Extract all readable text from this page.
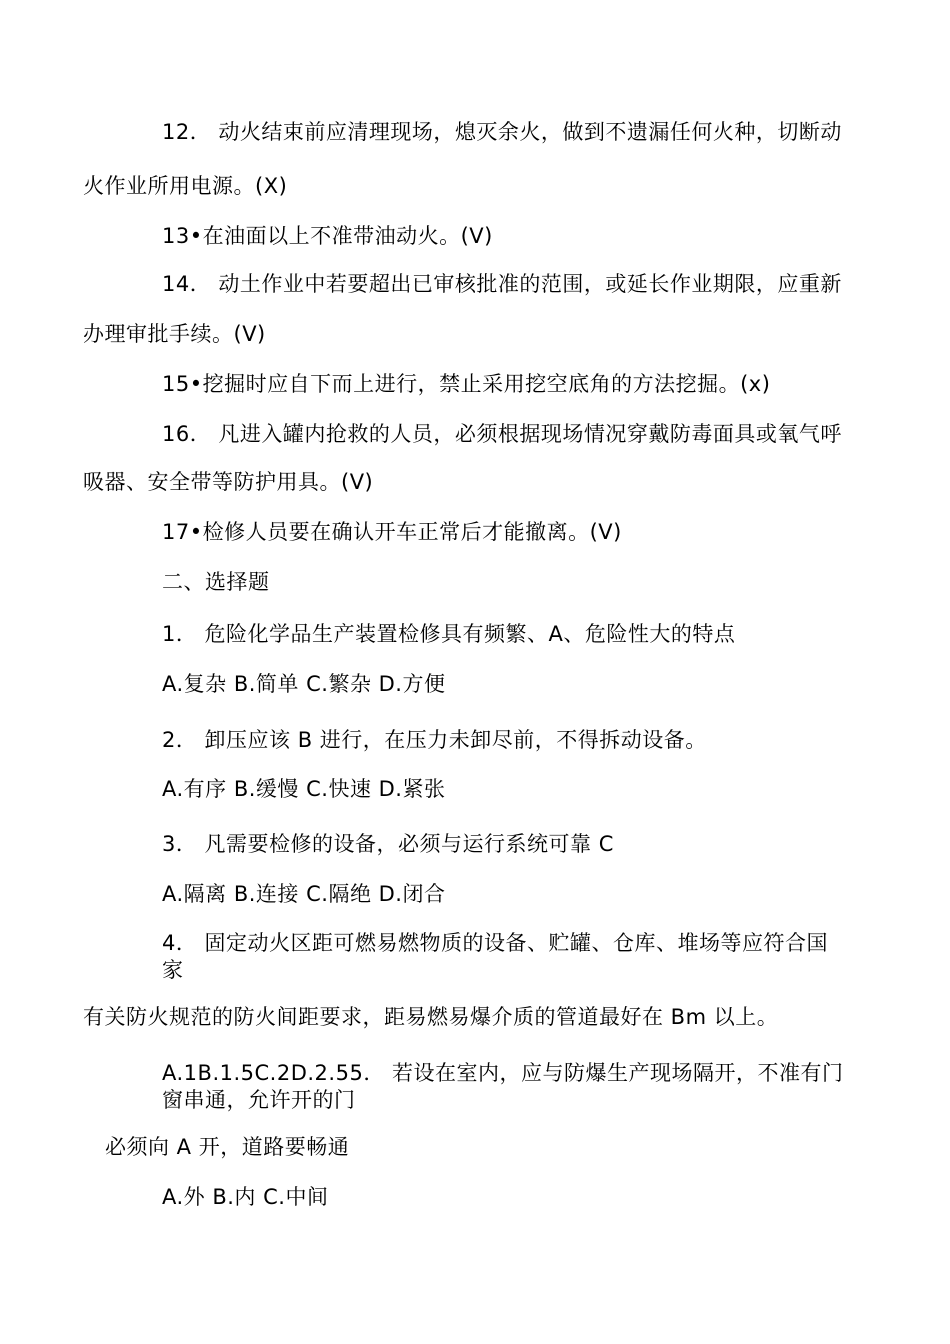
12． 动火结束前应清理现场，熄灭余火，做到不遗漏任何火种，切断动
火作业所用电源。(X)
13•在油面以上不准带油动火。(V)
14． 动土作业中若要超出已审核批准的范围，或延长作业期限，应重新
办理审批手续。(V)
15•挖掘时应自下而上进行，禁止采用挖空底角的方法挖掘。(x)
16． 凡进入罐内抢救的人员，必须根据现场情况穿戴防毒面具或氧气呼
吸器、安全带等防护用具。(V)
17•检修人员要在确认开车正常后才能撤离。(V)
二、选择题
1． 危险化学品生产装置检修具有频繁、A、危险性大的特点
A.复杂 B.简单 C.繁杂 D.方便
2． 卸压应该 B 进行，在压力未卸尽前，不得拆动设备。
A.有序 B.缓慢 C.快速 D.紧张
3． 凡需要检修的设备，必须与运行系统可靠 C
A.隔离 B.连接 C.隔绝 D.闭合
4． 固定动火区距可燃易燃物质的设备、贮罐、仓库、堆场等应符合国
家
有关防火规范的防火间距要求，距易燃易爆介质的管道最好在 Bm 以上。
A.1B.1.5C.2D.2.55． 若设在室内，应与防爆生产现场隔开，不准有门
窗串通，允许开的门
必须向 A 开，道路要畅通
A.外 B.内 C.中间
